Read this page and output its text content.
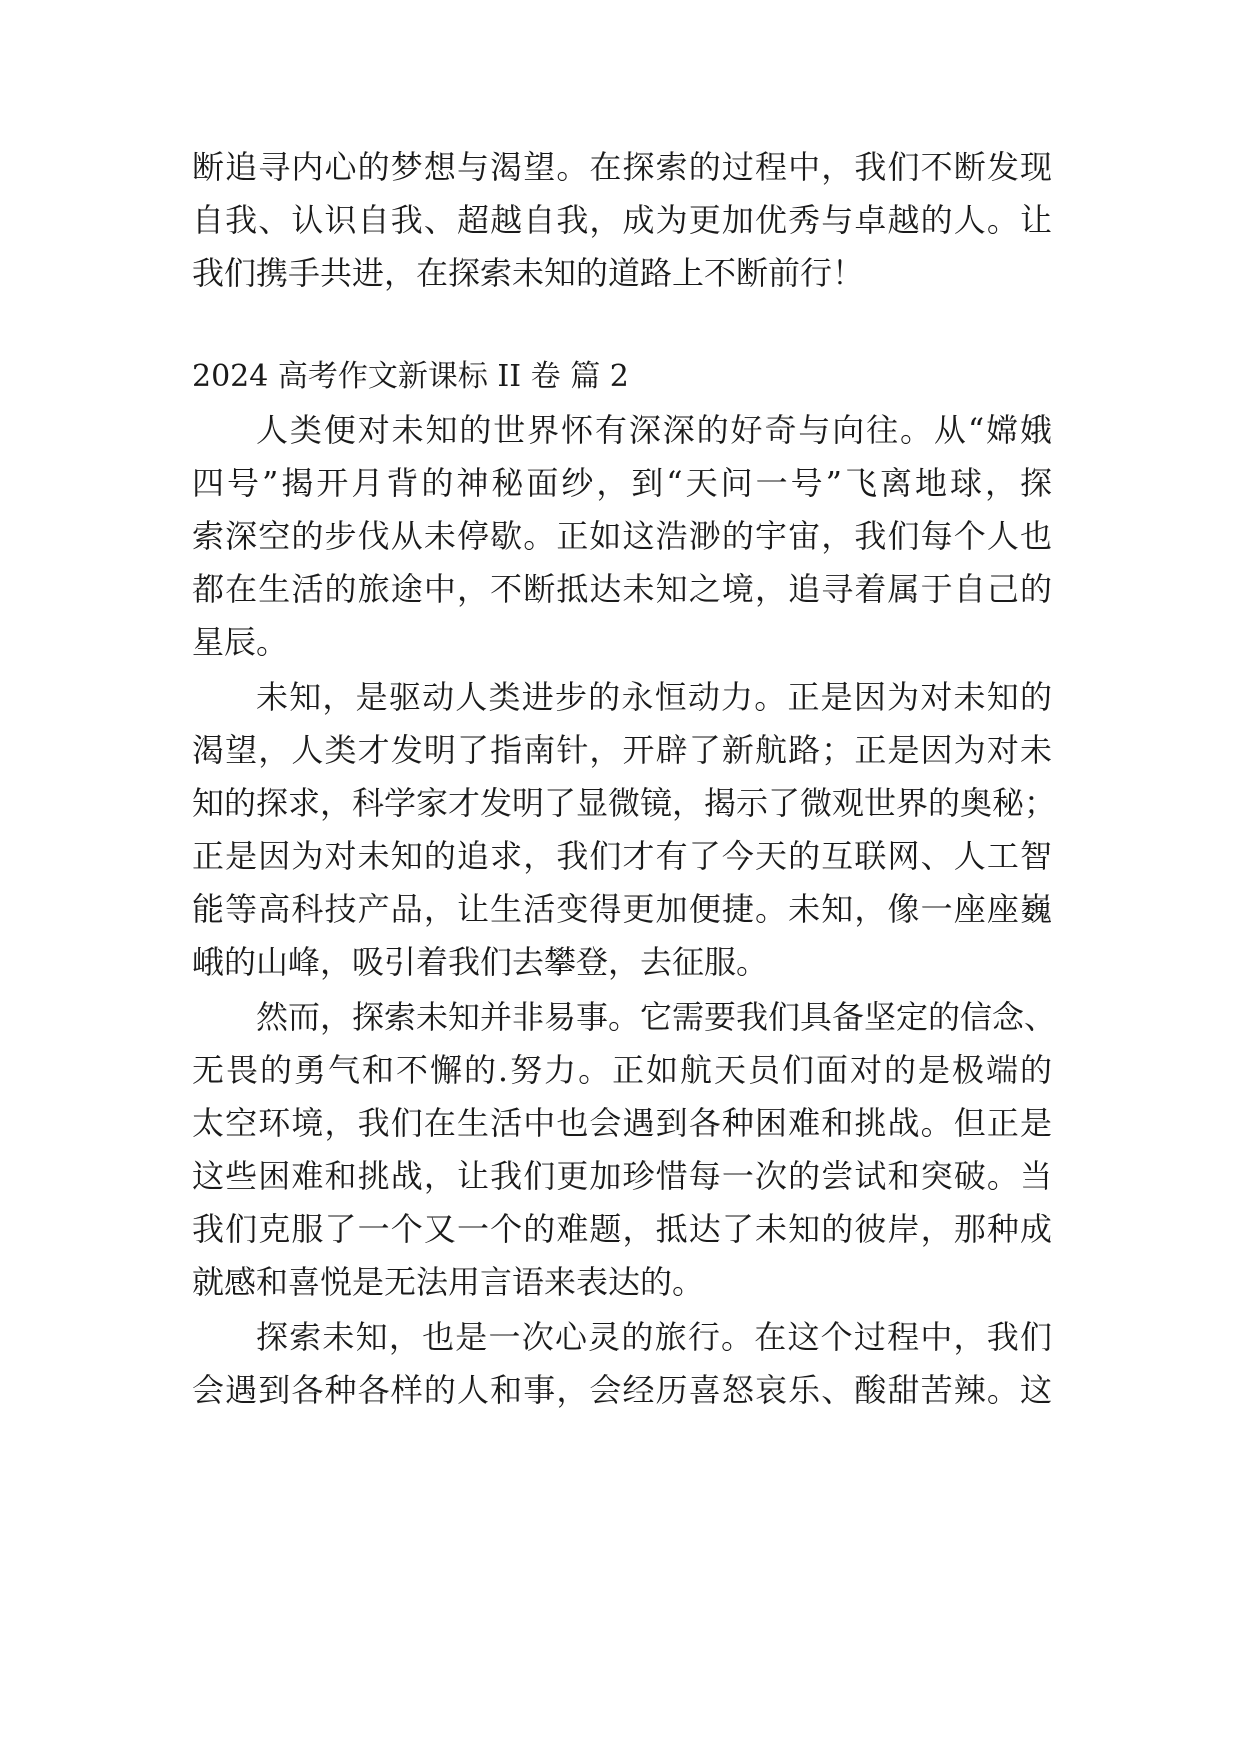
断追寻内心的梦想与渴望。在探索的过程中，我们不断发现
自我、认识自我、超越自我，成为更加优秀与卓越的人。让
我们携手共进，在探索未知的道路上不断前行！
2024 高考作文新课标 II 卷 篇 2
人类便对未知的世界怀有深深的好奇与向往。从“嫦娥
四号”揭开月背的神秘面纱，到“天问一号”飞离地球，探
索深空的步伐从未停歇。正如这浩渺的宇宙，我们每个人也
都在生活的旅途中，不断抵达未知之境，追寻着属于自己的
星辰。
未知，是驱动人类进步的永恒动力。正是因为对未知的
渴望，人类才发明了指南针，开辟了新航路；正是因为对未
知的探求，科学家才发明了显微镜，揭示了微观世界的奥秘；
正是因为对未知的追求，我们才有了今天的互联网、人工智
能等高科技产品，让生活变得更加便捷。未知，像一座座巍
峨的山峰，吸引着我们去攀登，去征服。
然而，探索未知并非易事。它需要我们具备坚定的信念、
无畏的勇气和不懈的.努力。正如航天员们面对的是极端的
太空环境，我们在生活中也会遇到各种困难和挑战。但正是
这些困难和挑战，让我们更加珍惜每一次的尝试和突破。当
我们克服了一个又一个的难题，抵达了未知的彼岸，那种成
就感和喜悦是无法用言语来表达的。
探索未知，也是一次心灵的旅行。在这个过程中，我们
会遇到各种各样的人和事，会经历喜怒哀乐、酸甜苦辣。这
